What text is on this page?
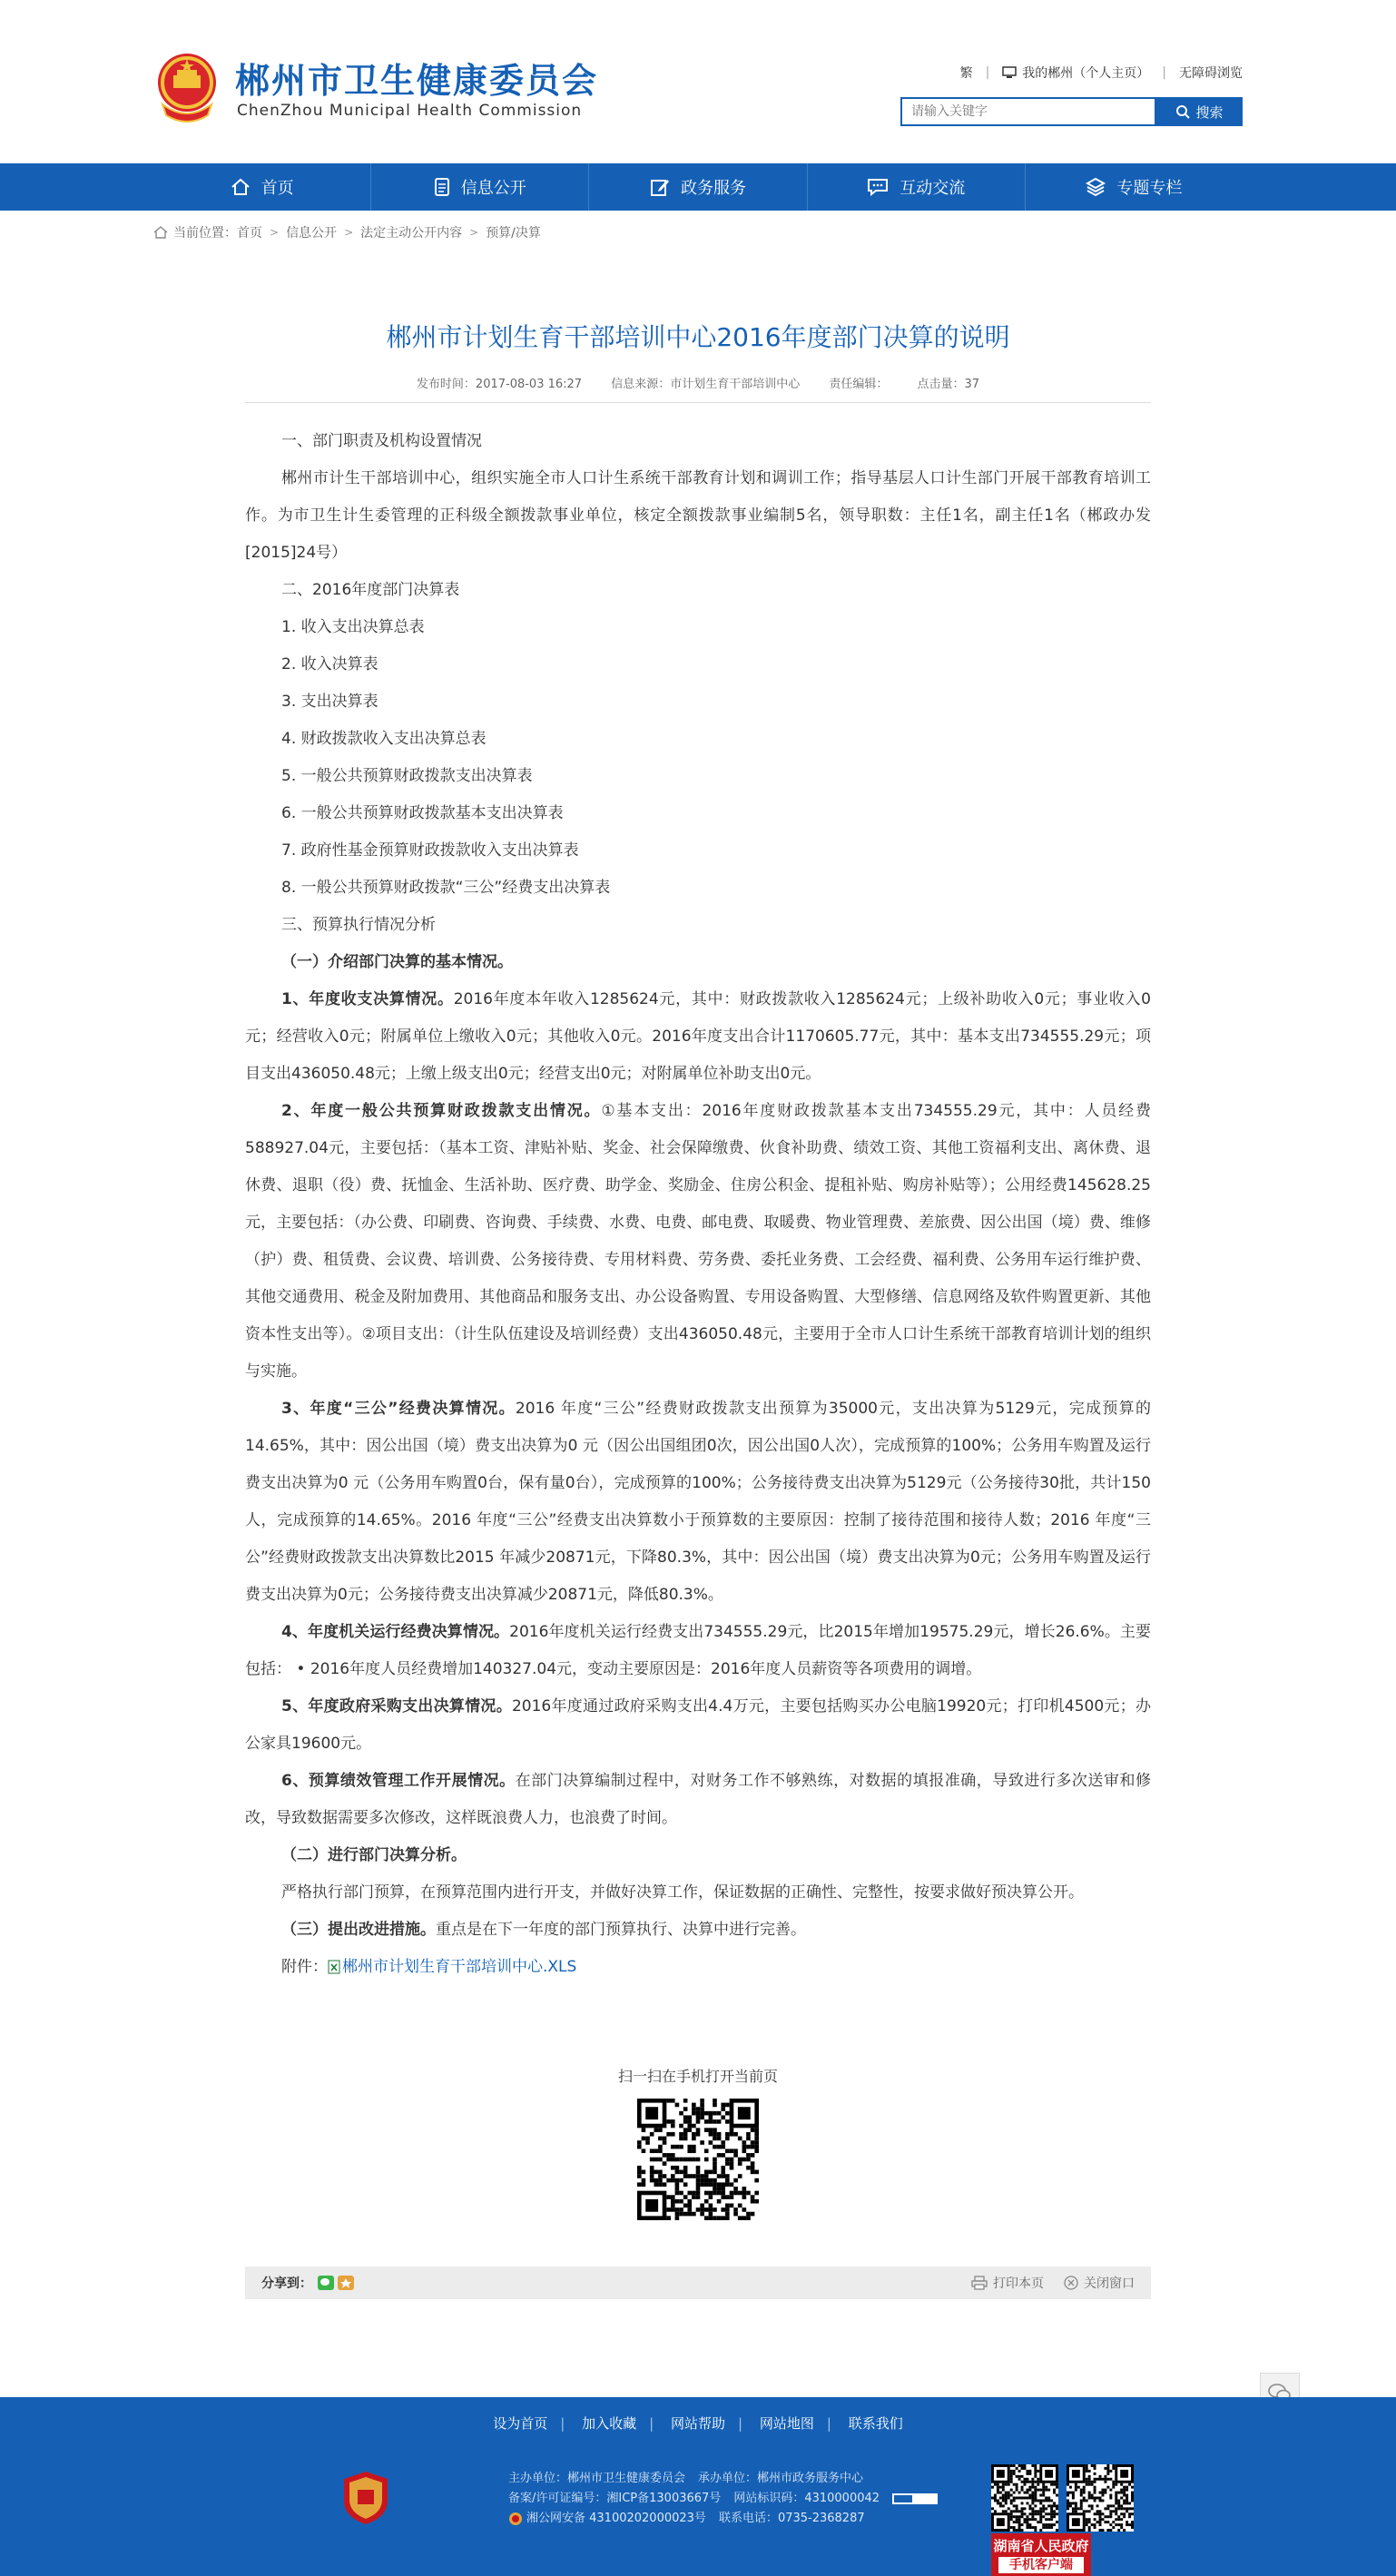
郴州市卫生健康委员会
ChenZhou Municipal Health Commission
繁 |	我的郴州（个人主页） | 无障碍浏览
请输入关键字
搜索
首页	信息公开	政务服务	互动交流	专题专栏
当前位置： 首页 > 信息公开 > 法定主动公开内容 > 预算/决算
郴州市计划生育干部培训中心2016年度部门决算的说明
发布时间：2017-08-03 16:27 信息来源：市计划生育干部培训中心 责任编辑： 点击量：37

一、部门职责及机构设置情况

郴州市计生干部培训中心，组织实施全市人口计生系统干部教育计划和调训工作；指导基层人口计生部门开展干部教育培训工作。为市卫生计生委管理的正科级全额拨款事业单位，核定全额拨款事业编制5名，领导职数：主任1名，副主任1名（郴政办发[2015]24号）

二、2016年度部门决算表

1. 收入支出决算总表

2. 收入决算表

3. 支出决算表

4. 财政拨款收入支出决算总表

5. 一般公共预算财政拨款支出决算表

6. 一般公共预算财政拨款基本支出决算表

7. 政府性基金预算财政拨款收入支出决算表

8. 一般公共预算财政拨款“三公”经费支出决算表

三、预算执行情况分析

（一）介绍部门决算的基本情况。

1、年度收支决算情况。2016年度本年收入1285624元，其中：财政拨款收入1285624元；上级补助收入0元；事业收入0元；经营收入0元；附属单位上缴收入0元；其他收入0元。2016年度支出合计1170605.77元，其中：基本支出734555.29元；项目支出436050.48元；上缴上级支出0元；经营支出0元；对附属单位补助支出0元。

2、年度一般公共预算财政拨款支出情况。①基本支出：2016年度财政拨款基本支出734555.29元，其中：人员经费588927.04元，主要包括：（基本工资、津贴补贴、奖金、社会保障缴费、伙食补助费、绩效工资、其他工资福利支出、离休费、退休费、退职（役）费、抚恤金、生活补助、医疗费、助学金、奖励金、住房公积金、提租补贴、购房补贴等）；公用经费145628.25元，主要包括：（办公费、印刷费、咨询费、手续费、水费、电费、邮电费、取暖费、物业管理费、差旅费、因公出国（境）费、维修（护）费、租赁费、会议费、培训费、公务接待费、专用材料费、劳务费、委托业务费、工会经费、福利费、公务用车运行维护费、其他交通费用、税金及附加费用、其他商品和服务支出、办公设备购置、专用设备购置、大型修缮、信息网络及软件购置更新、其他资本性支出等）。②项目支出：（计生队伍建设及培训经费）支出436050.48元，主要用于全市人口计生系统干部教育培训计划的组织与实施。

3、年度“三公”经费决算情况。2016 年度“三公”经费财政拨款支出预算为35000元，支出决算为5129元，完成预算的14.65%，其中：因公出国（境）费支出决算为0 元（因公出国组团0次，因公出国0人次），完成预算的100%；公务用车购置及运行费支出决算为0 元（公务用车购置0台，保有量0台），完成预算的100%；公务接待费支出决算为5129元（公务接待30批，共计150人，完成预算的14.65%。2016 年度“三公”经费支出决算数小于预算数的主要原因：控制了接待范围和接待人数；2016 年度“三公”经费财政拨款支出决算数比2015 年减少20871元，下降80.3%，其中：因公出国（境）费支出决算为0元；公务用车购置及运行费支出决算为0元；公务接待费支出决算减少20871元，降低80.3%。

4、年度机关运行经费决算情况。2016年度机关运行经费支出734555.29元，比2015年增加19575.29元，增长26.6%。主要包括： • 2016年度人员经费增加140327.04元，变动主要原因是：2016年度人员薪资等各项费用的调增。

5、年度政府采购支出决算情况。2016年度通过政府采购支出4.4万元，主要包括购买办公电脑19920元；打印机4500元；办公家具19600元。

6、预算绩效管理工作开展情况。在部门决算编制过程中，对财务工作不够熟练，对数据的填报准确，导致进行多次送审和修改，导致数据需要多次修改，这样既浪费人力，也浪费了时间。

（二）进行部门决算分析。

严格执行部门预算，在预算范围内进行开支，并做好决算工作，保证数据的正确性、完整性，按要求做好预决算公开。

（三）提出改进措施。重点是在下一年度的部门预算执行、决算中进行完善。

附件： 郴州市计划生育干部培训中心.XLS

扫一扫在手机打开当前页
分享到：	打印本页	关闭窗口
设为首页 | 加入收藏 | 网站帮助 | 网站地图 | 联系我们
主办单位：郴州市卫生健康委员会 承办单位：郴州市政务服务中心
备案/许可证编号：湘ICP备13003667号 网站标识码：4310000042
湘公网安备 43100202000023号 联系电话：0735-2368287
湖南省人民政府
手机客户端
